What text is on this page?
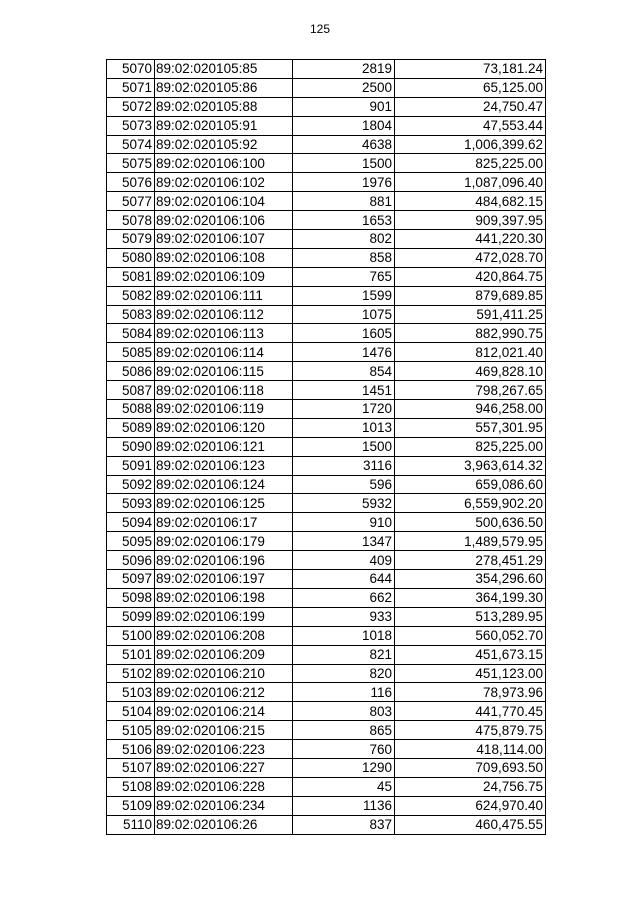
125
5070	89:02:020105:85	2819	73,181.24
5071	89:02:020105:86	2500	65,125.00
5072	89:02:020105:88	901	24,750.47
5073	89:02:020105:91	1804	47,553.44
5074	89:02:020105:92	4638	1,006,399.62
5075	89:02:020106:100	1500	825,225.00
5076	89:02:020106:102	1976	1,087,096.40
5077	89:02:020106:104	881	484,682.15
5078	89:02:020106:106	1653	909,397.95
5079	89:02:020106:107	802	441,220.30
5080	89:02:020106:108	858	472,028.70
5081	89:02:020106:109	765	420,864.75
5082	89:02:020106:111	1599	879,689.85
5083	89:02:020106:112	1075	591,411.25
5084	89:02:020106:113	1605	882,990.75
5085	89:02:020106:114	1476	812,021.40
5086	89:02:020106:115	854	469,828.10
5087	89:02:020106:118	1451	798,267.65
5088	89:02:020106:119	1720	946,258.00
5089	89:02:020106:120	1013	557,301.95
5090	89:02:020106:121	1500	825,225.00
5091	89:02:020106:123	3116	3,963,614.32
5092	89:02:020106:124	596	659,086.60
5093	89:02:020106:125	5932	6,559,902.20
5094	89:02:020106:17	910	500,636.50
5095	89:02:020106:179	1347	1,489,579.95
5096	89:02:020106:196	409	278,451.29
5097	89:02:020106:197	644	354,296.60
5098	89:02:020106:198	662	364,199.30
5099	89:02:020106:199	933	513,289.95
5100	89:02:020106:208	1018	560,052.70
5101	89:02:020106:209	821	451,673.15
5102	89:02:020106:210	820	451,123.00
5103	89:02:020106:212	116	78,973.96
5104	89:02:020106:214	803	441,770.45
5105	89:02:020106:215	865	475,879.75
5106	89:02:020106:223	760	418,114.00
5107	89:02:020106:227	1290	709,693.50
5108	89:02:020106:228	45	24,756.75
5109	89:02:020106:234	1136	624,970.40
5110	89:02:020106:26	837	460,475.55
